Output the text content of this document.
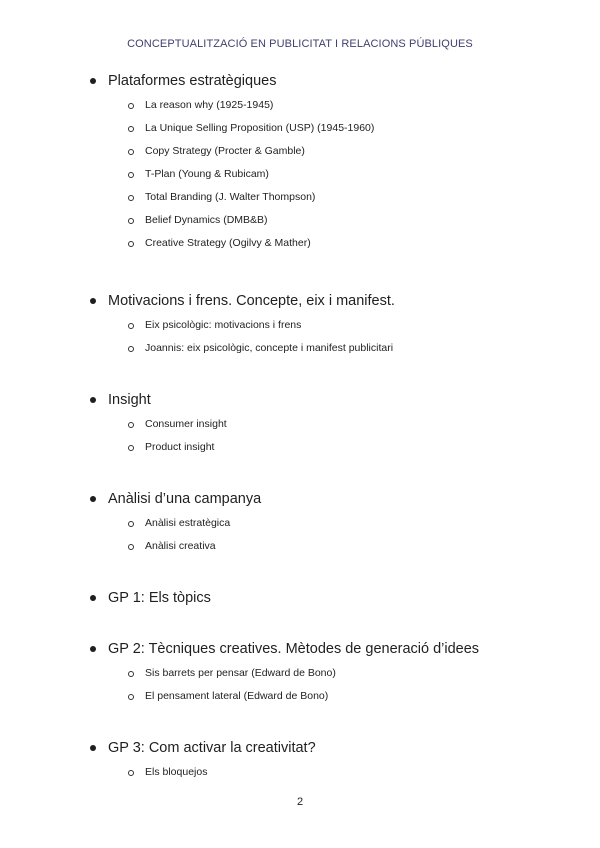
CONCEPTUALITZACIÓ EN PUBLICITAT I RELACIONS PÚBLIQUES
Plataformes estratègiques
La reason why (1925-1945)
La Unique Selling Proposition (USP) (1945-1960)
Copy Strategy (Procter & Gamble)
T-Plan (Young & Rubicam)
Total Branding (J. Walter Thompson)
Belief Dynamics (DMB&B)
Creative Strategy (Ogilvy & Mather)
Motivacions i frens. Concepte, eix i manifest.
Eix psicològic: motivacions i frens
Joannis: eix psicològic, concepte i manifest publicitari
Insight
Consumer insight
Product insight
Anàlisi d’una campanya
Anàlisi estratègica
Anàlisi creativa
GP 1: Els tòpics
GP 2: Tècniques creatives. Mètodes de generació d’idees
Sis barrets per pensar (Edward de Bono)
El pensament lateral (Edward de Bono)
GP 3: Com activar la creativitat?
Els bloquejos
2
